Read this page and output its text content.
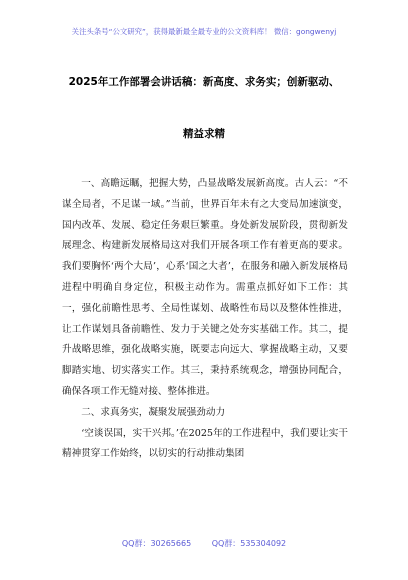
关注头条号“公文研究”，获得最新最全最专业的公文资料库！ 微信：gongwenyj
2025年工作部署会讲话稿：新高度、求务实；创新驱动、
精益求精

一、高瞻远瞩，把握大势，凸显战略发展新高度。古人云：“不谋全局者，不足谋一域。”当前，世界百年未有之大变局加速演变，国内改革、发展、稳定任务艰巨繁重。身处新发展阶段，贯彻新发展理念、构建新发展格局这对我们开展各项工作有着更高的要求。我们要胸怀‘两个大局’，心系‘国之大者’，在服务和融入新发展格局进程中明确自身定位，积极主动作为。需重点抓好如下工作：其一，强化前瞻性思考、全局性谋划、战略性布局以及整体性推进，让工作谋划具备前瞻性、发力于关键之处夯实基础工作。其二，提升战略思维，强化战略实施，既要志向远大、掌握战略主动，又要脚踏实地、切实落实工作。其三，秉持系统观念，增强协同配合，确保各项工作无缝对接、整体推进。

二、求真务实，凝聚发展强劲动力

‘空谈误国，实干兴邦。’在2025年的工作进程中，我们要让实干精神贯穿工作始终，以切实的行动推动集团

QQ群：30265665	QQ群：535304092
